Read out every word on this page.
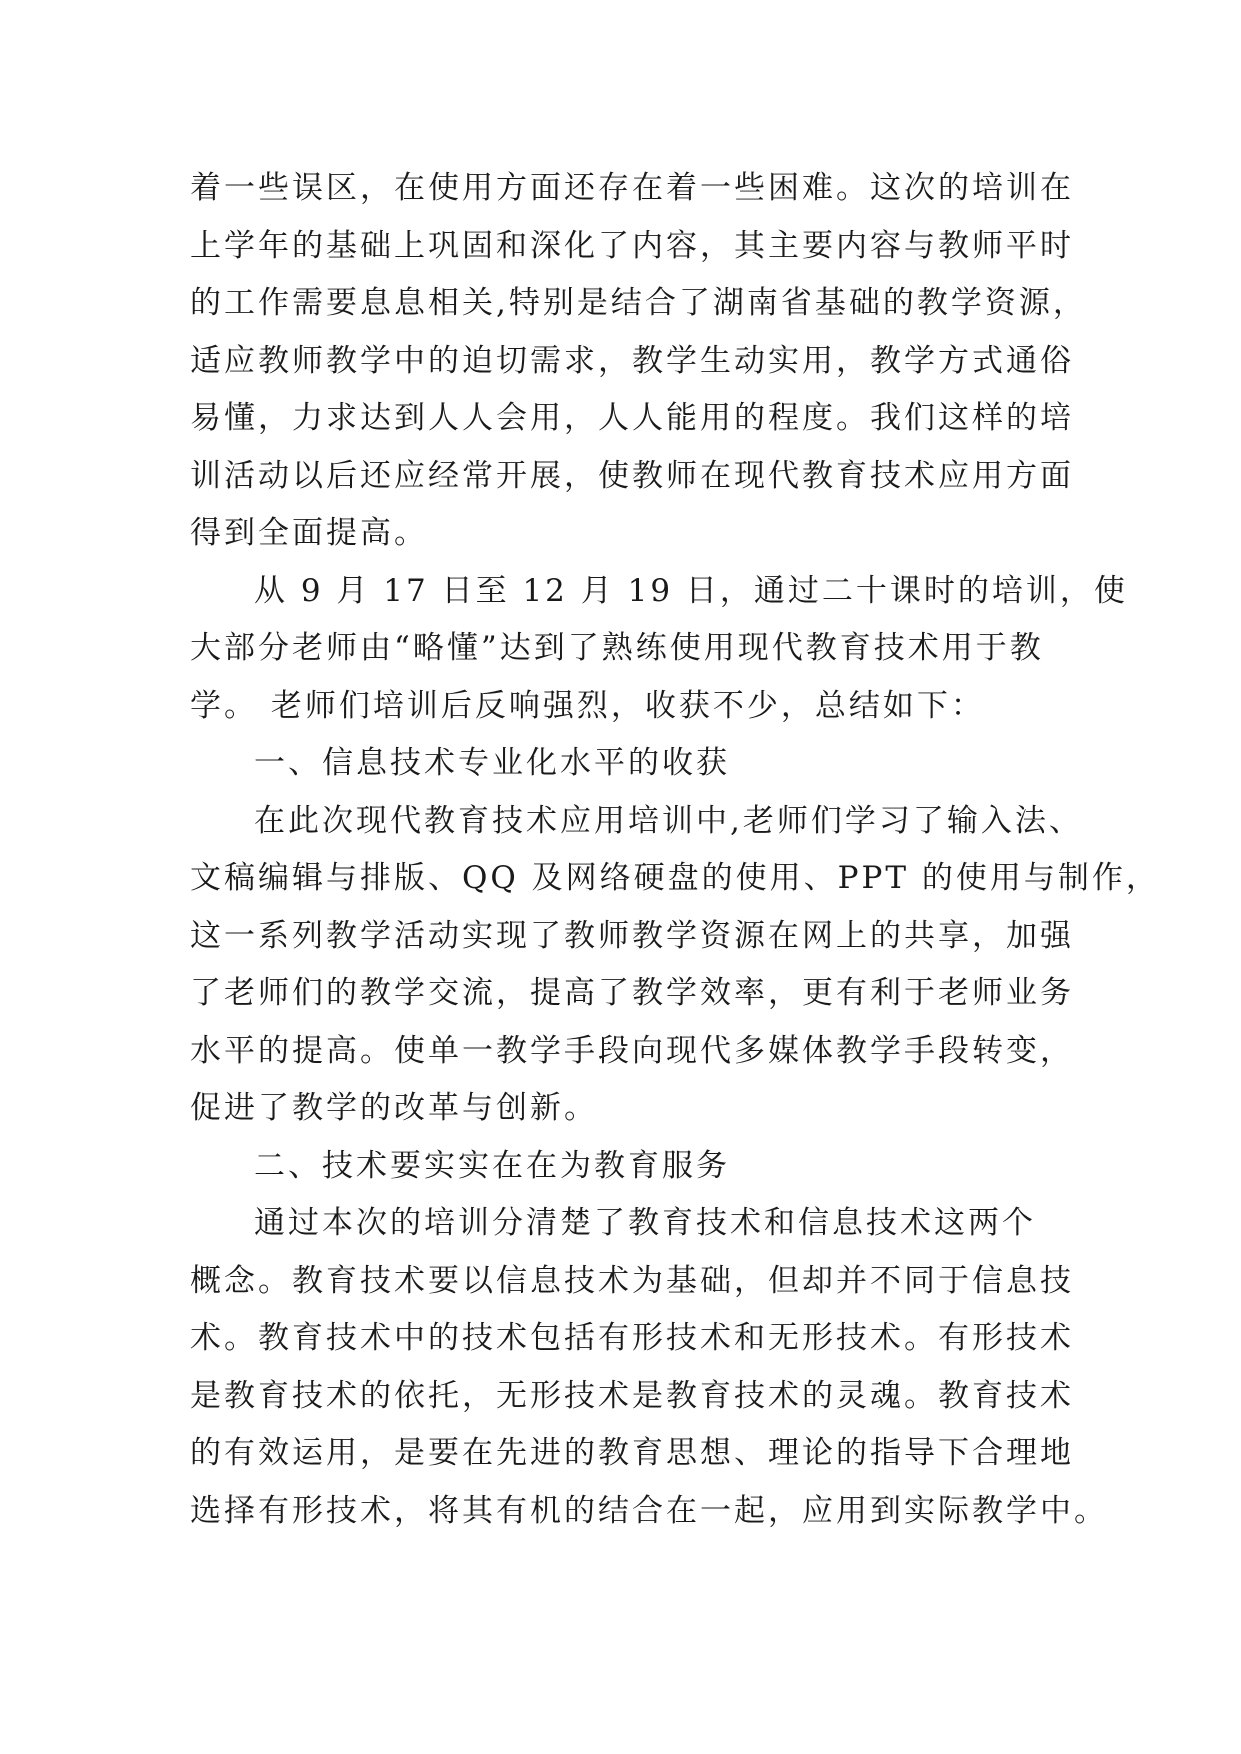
着一些误区，在使用方面还存在着一些困难。这次的培训在
上学年的基础上巩固和深化了内容，其主要内容与教师平时
的工作需要息息相关,特别是结合了湖南省基础的教学资源，
适应教师教学中的迫切需求，教学生动实用，教学方式通俗
易懂，力求达到人人会用，人人能用的程度。我们这样的培
训活动以后还应经常开展，使教师在现代教育技术应用方面
得到全面提高。
从 9 月 17 日至 12 月 19 日，通过二十课时的培训，使
大部分老师由“略懂”达到了熟练使用现代教育技术用于教
学。 老师们培训后反响强烈，收获不少，总结如下：
一、信息技术专业化水平的收获
在此次现代教育技术应用培训中,老师们学习了输入法、
文稿编辑与排版、QQ 及网络硬盘的使用、PPT 的使用与制作，
这一系列教学活动实现了教师教学资源在网上的共享，加强
了老师们的教学交流，提高了教学效率，更有利于老师业务
水平的提高。使单一教学手段向现代多媒体教学手段转变，
促进了教学的改革与创新。
二、技术要实实在在为教育服务
通过本次的培训分清楚了教育技术和信息技术这两个
概念。教育技术要以信息技术为基础，但却并不同于信息技
术。教育技术中的技术包括有形技术和无形技术。有形技术
是教育技术的依托，无形技术是教育技术的灵魂。教育技术
的有效运用，是要在先进的教育思想、理论的指导下合理地
选择有形技术，将其有机的结合在一起，应用到实际教学中。
